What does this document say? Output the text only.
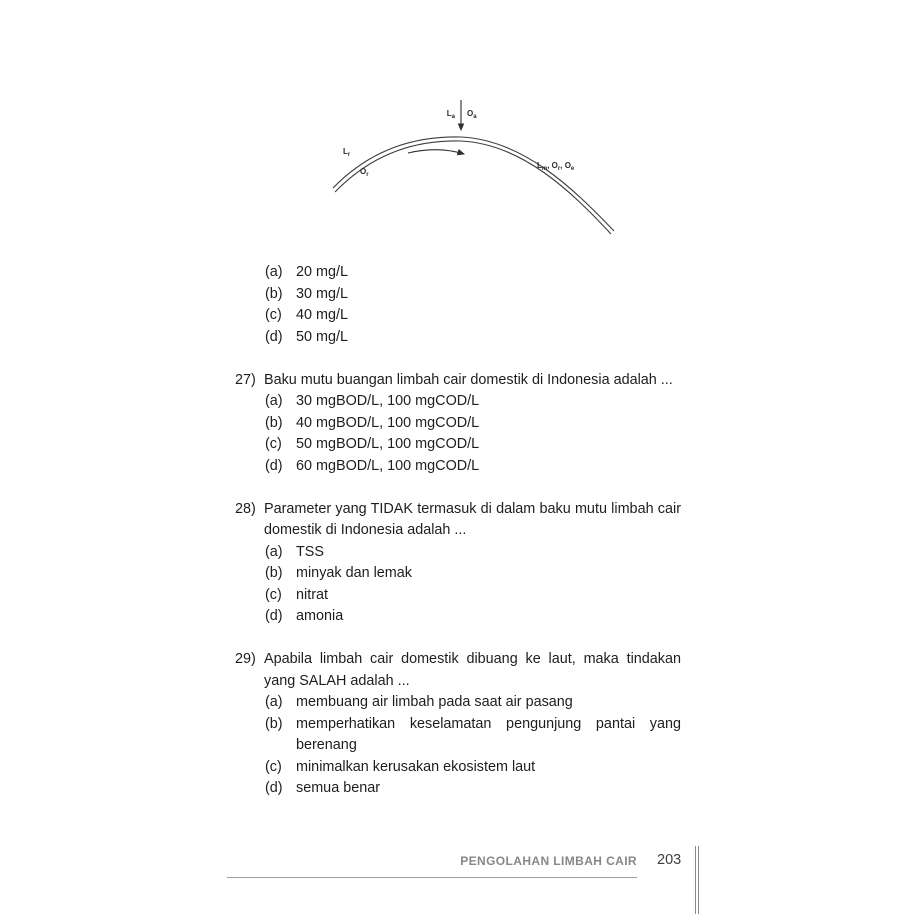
$L_a$ $O_a$
$L_r$
$O_r$
$L_m$, $O_r$, $O_e$
(a) 20 mg/L
(b) 30 mg/L
(c) 40 mg/L
(d) 50 mg/L
27) Baku mutu buangan limbah cair domestik di Indonesia adalah ...
(a) 30 mgBOD/L, 100 mgCOD/L
(b) 40 mgBOD/L, 100 mgCOD/L
(c) 50 mgBOD/L, 100 mgCOD/L
(d) 60 mgBOD/L, 100 mgCOD/L
28) Parameter yang TIDAK termasuk di dalam baku mutu limbah cair domestik di Indonesia adalah ...
(a) TSS
(b) minyak dan lemak
(c) nitrat
(d) amonia
29) Apabila limbah cair domestik dibuang ke laut, maka tindakan yang SALAH adalah ...
(a) membuang air limbah pada saat air pasang
(b) memperhatikan keselamatan pengunjung pantai yang berenang
(c) minimalkan kerusakan ekosistem laut
(d) semua benar
PENGOLAHAN LIMBAH CAIR 203
